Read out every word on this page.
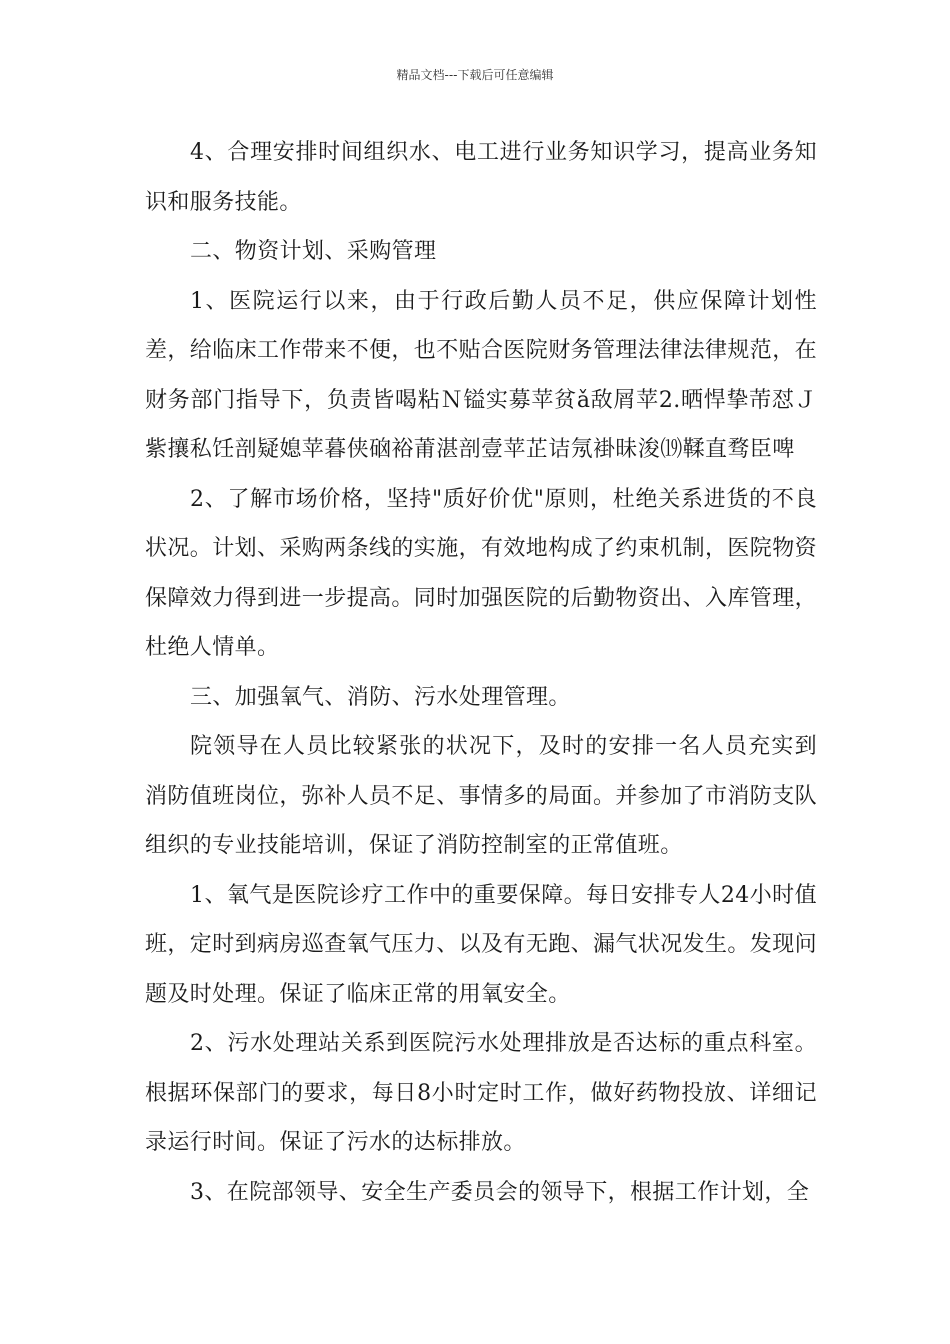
精品文档---下载后可任意编辑

4、合理安排时间组织水、电工进行业务知识学习，提高业务知识和服务技能。

二、物资计划、采购管理

1、医院运行以来，由于行政后勤人员不足，供应保障计划性差，给临床工作带来不便，也不贴合医院财务管理法律法律规范，在财务部门指导下，负责皆喝粘Ｎ镒实募苹贫ǎ敌屑苹2.晒悍挚芾怼Ｊ紫攘私饪剖疑媳苹暮侠硇裕莆湛剖壹苹芷诘氖褂昧浚⒆鞣直骛臣啤

2、了解市场价格，坚持"质好价优"原则，杜绝关系进货的不良状况。计划、采购两条线的实施，有效地构成了约束机制，医院物资保障效力得到进一步提高。同时加强医院的后勤物资出、入库管理，杜绝人情单。

三、加强氧气、消防、污水处理管理。

院领导在人员比较紧张的状况下，及时的安排一名人员充实到消防值班岗位，弥补人员不足、事情多的局面。并参加了市消防支队组织的专业技能培训，保证了消防控制室的正常值班。

1、氧气是医院诊疗工作中的重要保障。每日安排专人24小时值班，定时到病房巡查氧气压力、以及有无跑、漏气状况发生。发现问题及时处理。保证了临床正常的用氧安全。

2、污水处理站关系到医院污水处理排放是否达标的重点科室。根据环保部门的要求，每日8小时定时工作，做好药物投放、详细记录运行时间。保证了污水的达标排放。

3、在院部领导、安全生产委员会的领导下，根据工作计划，全
